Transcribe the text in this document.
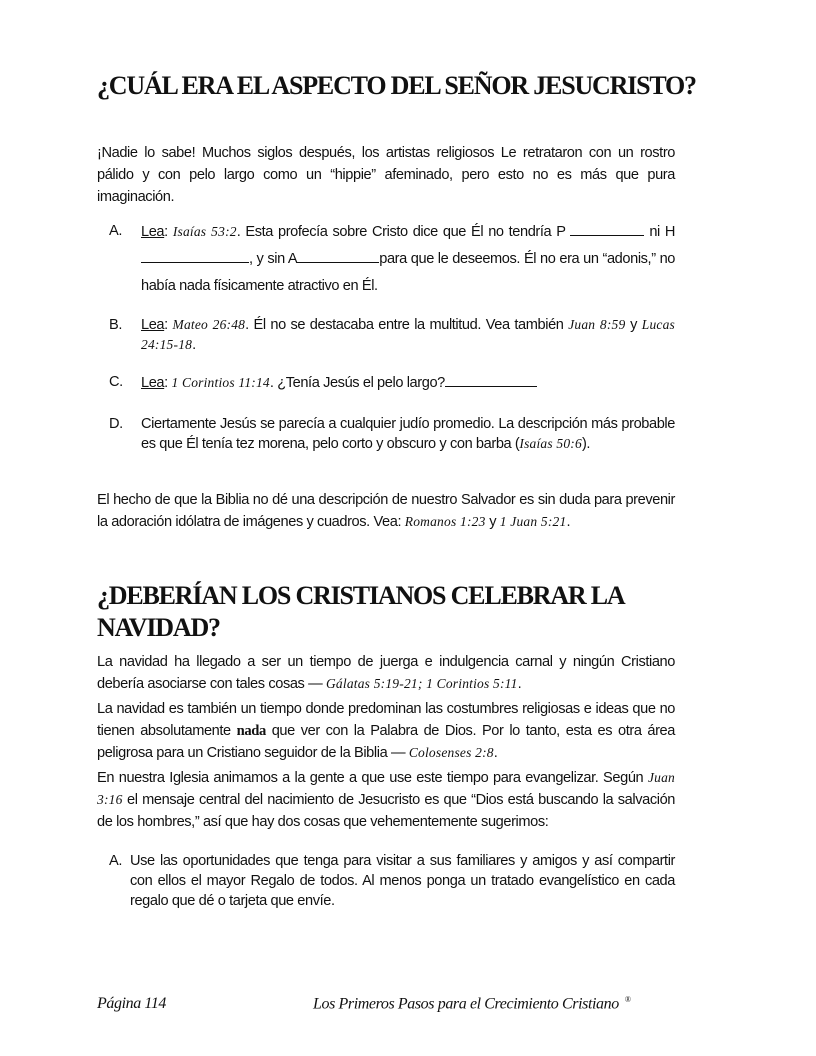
¿CUÁL ERA EL ASPECTO DEL SEÑOR JESUCRISTO?

¡Nadie lo sabe! Muchos siglos después, los artistas religiosos Le retrataron con un rostro pálido y con pelo largo como un “hippie” afeminado, pero esto no es más que pura imaginación.

A. Lea: Isaías 53:2. Esta profecía sobre Cristo dice que Él no tendría P	ni H, y sin A	para que le deseemos. Él no era un “adonis,” no había nada físicamente atractivo en Él.
B. Lea: Mateo 26:48. Él no se destacaba entre la multitud. Vea también Juan 8:59 y Lucas 24:15-18.
C. Lea: 1 Corintios 11:14. ¿Tenía Jesús el pelo largo?
D. Ciertamente Jesús se parecía a cualquier judío promedio. La descripción más probable es que Él tenía tez morena, pelo corto y obscuro y con barba (Isaías 50:6).

El hecho de que la Biblia no dé una descripción de nuestro Salvador es sin duda para prevenir la adoración idólatra de imágenes y cuadros. Vea: Romanos 1:23 y 1 Juan 5:21.

¿DEBERÍAN LOS CRISTIANOS CELEBRAR LA NAVIDAD?

La navidad ha llegado a ser un tiempo de juerga e indulgencia carnal y ningún Cristiano debería asociarse con tales cosas — Gálatas 5:19-21; 1 Corintios 5:11.

La navidad es también un tiempo donde predominan las costumbres religiosas e ideas que no tienen absolutamente nada que ver con la Palabra de Dios. Por lo tanto, esta es otra área peligrosa para un Cristiano seguidor de la Biblia — Colosenses 2:8.

En nuestra Iglesia animamos a la gente a que use este tiempo para evangelizar. Según Juan 3:16 el mensaje central del nacimiento de Jesucristo es que “Dios está buscando la salvación de los hombres,” así que hay dos cosas que vehementemente sugerimos:

A. Use las oportunidades que tenga para visitar a sus familiares y amigos y así compartir con ellos el mayor Regalo de todos. Al menos ponga un tratado evangelístico en cada regalo que dé o tarjeta que envíe.
Página 114	Los Primeros Pasos para el Crecimiento Cristiano ®
